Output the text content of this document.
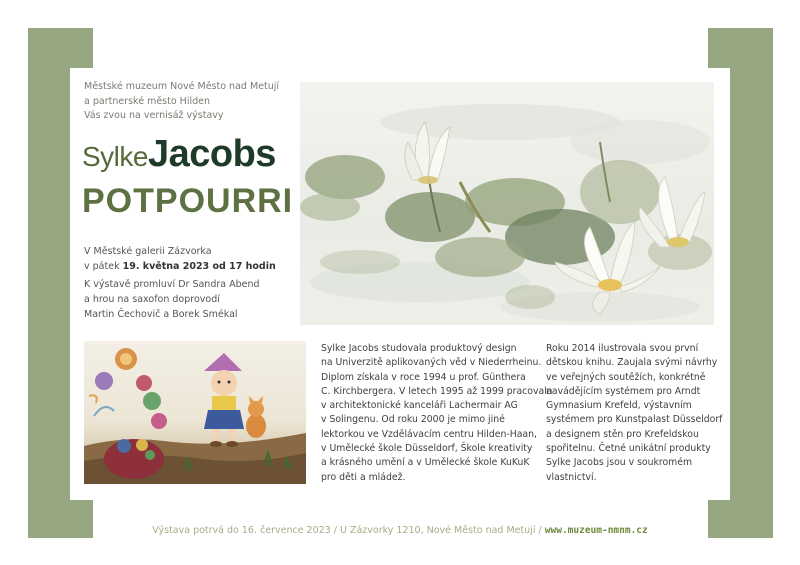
Městské muzeum Nové Město nad Metují
a partnerské město Hilden
Vás zvou na vernisáž výstavy
SylkeJacobs
POTPOURRI
V Městské galerii Zázvorka
v pátek 19. května 2023 od 17 hodin
K výstavě promluví Dr Sandra Abend
a hrou na saxofon doprovodí
Martin Čechovič a Borek Smékal
Sylke Jacobs studovala produktový design
na Univerzitě aplikovaných věd v Niederrheinu.
Diplom získala v roce 1994 u prof. Günthera
C. Kirchbergera. V letech 1995 až 1999 pracovala
v architektonické kanceláři Lachermair AG
v Solingenu. Od roku 2000 je mimo jiné
lektorkou ve Vzdělávacím centru Hilden-Haan,
v Umělecké škole Düsseldorf, Škole kreativity
a krásného umění a v Umělecké škole KuKuK
pro děti a mládež.
Roku 2014 ilustrovala svou první
dětskou knihu. Zaujala svými návrhy
ve veřejných soutěžích, konkrétně
navádějícím systémem pro Arndt
Gymnasium Krefeld, výstavním
systémem pro Kunstpalast Düsseldorf
a designem stěn pro Krefeldskou
spořitelnu. Četné unikátní produkty
Sylke Jacobs jsou v soukromém
vlastnictví.
Výstava potrvá do 16. července 2023 / U Zázvorky 1210, Nové Město nad Metují / www.muzeum-nmnm.cz
